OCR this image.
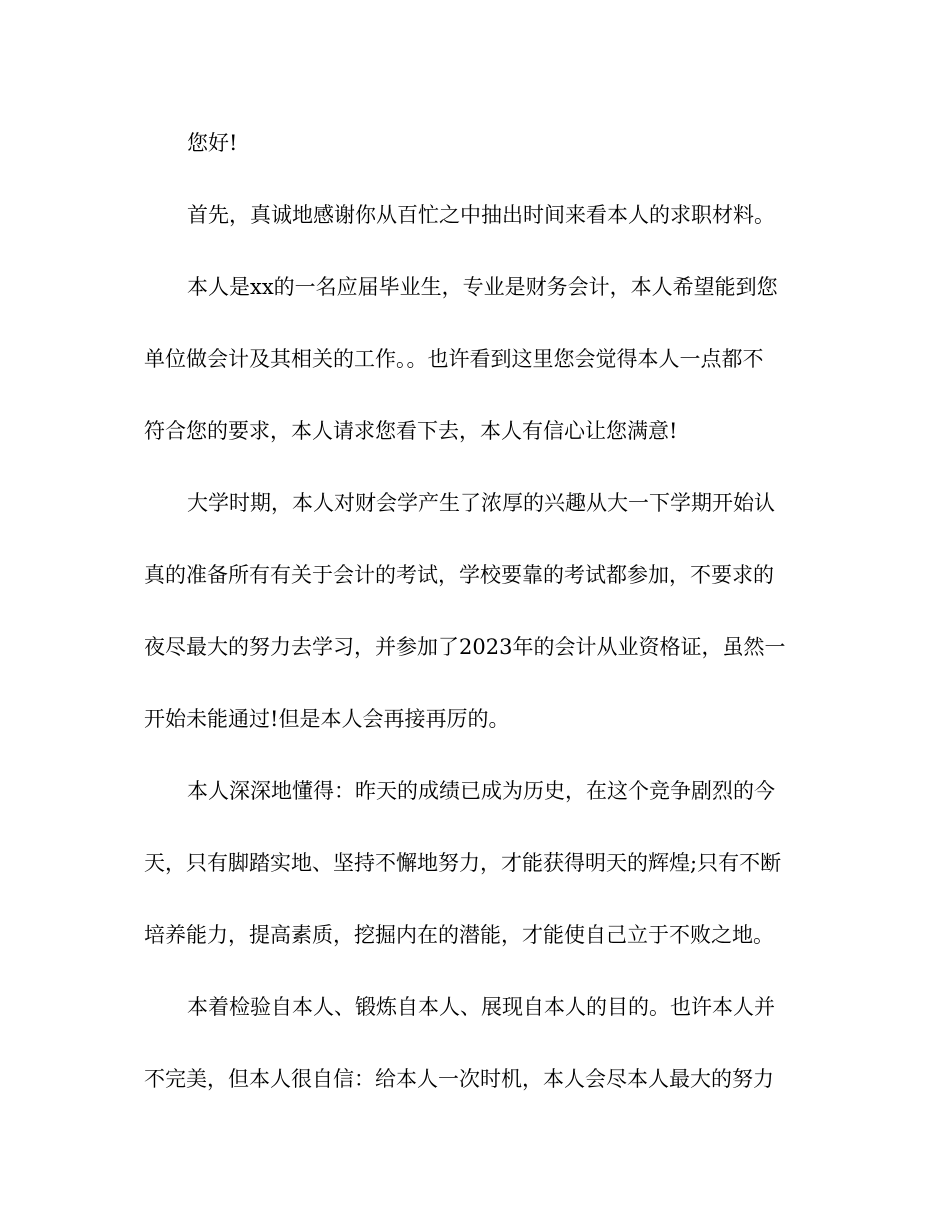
您好!

首先，真诚地感谢你从百忙之中抽出时间来看本人的求职材料。

本人是xx的一名应届毕业生，专业是财务会计，本人希望能到您

单位做会计及其相关的工作。。也许看到这里您会觉得本人一点都不

符合您的要求，本人请求您看下去，本人有信心让您满意!

大学时期，本人对财会学产生了浓厚的兴趣从大一下学期开始认

真的准备所有有关于会计的考试，学校要靠的考试都参加，不要求的

夜尽最大的努力去学习，并参加了2023年的会计从业资格证，虽然一

开始未能通过!但是本人会再接再厉的。

本人深深地懂得：昨天的成绩已成为历史，在这个竞争剧烈的今

天，只有脚踏实地、坚持不懈地努力，才能获得明天的辉煌;只有不断

培养能力，提高素质，挖掘内在的潜能，才能使自己立于不败之地。

本着检验自本人、锻炼自本人、展现自本人的目的。也许本人并

不完美，但本人很自信：给本人一次时机，本人会尽本人最大的努力
